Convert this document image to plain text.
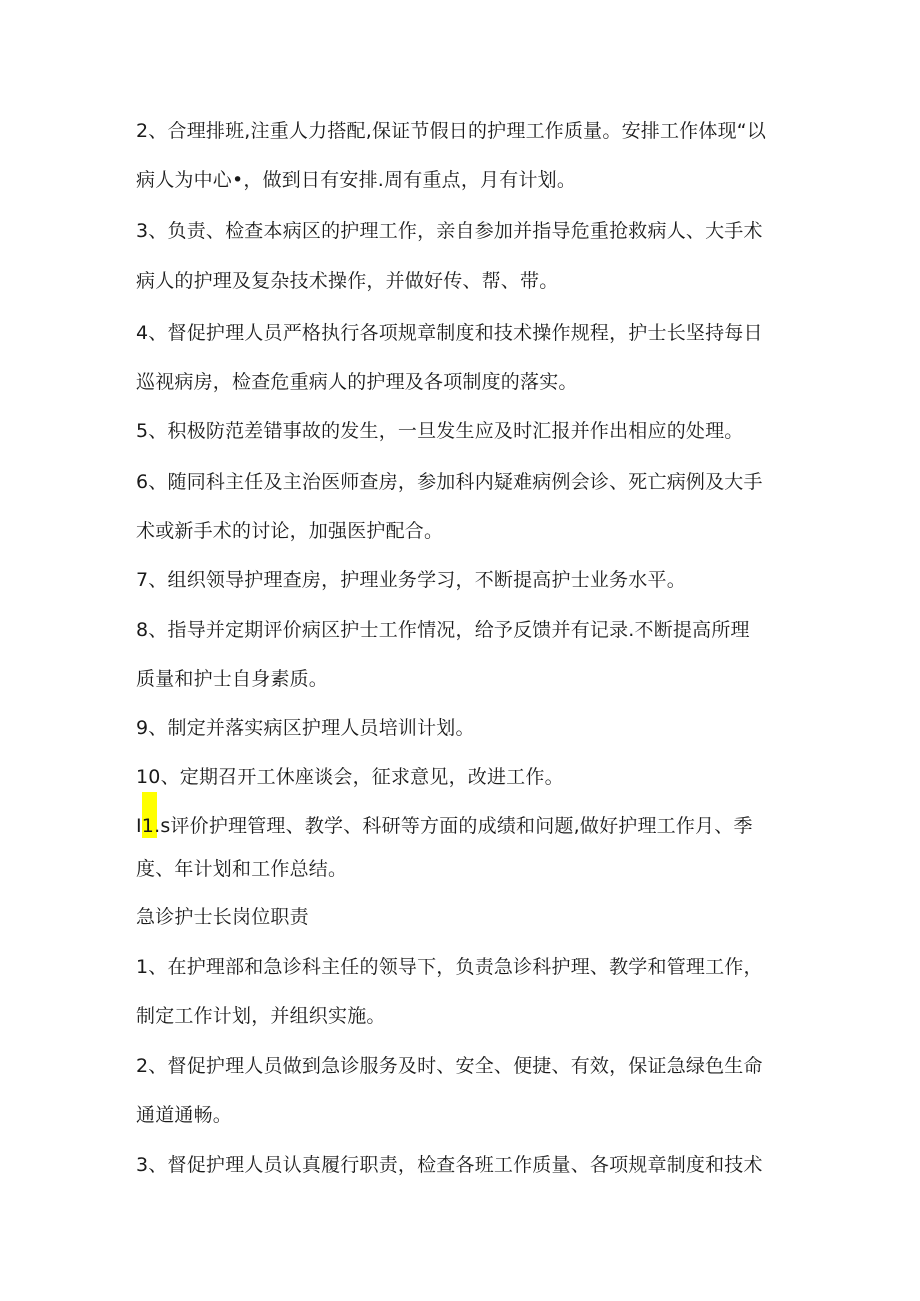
2、合理排班,注重人力搭配,保证节假日的护理工作质量。安排工作体现“以
病人为中心•，做到日有安排.周有重点，月有计划。
3、负责、检查本病区的护理工作，亲自参加并指导危重抢救病人、大手术
病人的护理及复杂技术操作，并做好传、帮、带。
4、督促护理人员严格执行各项规章制度和技术操作规程，护士长坚持每日
巡视病房，检查危重病人的护理及各项制度的落实。
5、积极防范差错事故的发生，一旦发生应及时汇报并作出相应的处理。
6、随同科主任及主治医师查房，参加科内疑难病例会诊、死亡病例及大手
术或新手术的讨论，加强医护配合。
7、组织领导护理查房，护理业务学习，不断提高护士业务水平。
8、指导并定期评价病区护士工作情况，给予反馈并有记录.不断提高所理
质量和护士自身素质。
9、制定并落实病区护理人员培训计划。
10、定期召开工休座谈会，征求意见，改进工作。
I1.s评价护理管理、教学、科研等方面的成绩和问题,做好护理工作月、季
度、年计划和工作总结。
急诊护士长岗位职责
1、在护理部和急诊科主任的领导下，负责急诊科护理、教学和管理工作，
制定工作计划，并组织实施。
2、督促护理人员做到急诊服务及时、安全、便捷、有效，保证急绿色生命
通道通畅。
3、督促护理人员认真履行职责，检查各班工作质量、各项规章制度和技术
